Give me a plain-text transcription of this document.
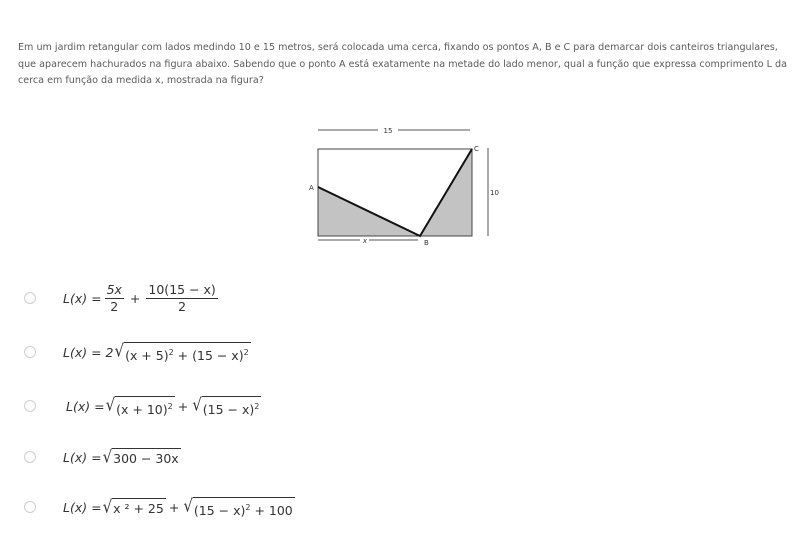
Em um jardim retangular com lados medindo 10 e 15 metros, será colocada uma cerca, fixando os pontos A, B e C para demarcar dois canteiros triangulares, que aparecem hachurados na figura abaixo. Sabendo que o ponto A está exatamente na metade do lado menor, qual a função que expressa comprimento L da cerca em função da medida x, mostrada na figura?

15
10
x
A
B
C
$L(x) = \frac{5x}{2} + \frac{10(15 - x)}{2}$
L(x) = 2 √ $(x + 5)^2 + (15 - x)^2$
L(x) = √ $(x + 10)^2$ + √ $(15 - x)^2$
L(x) = √ 300 − 30x
L(x) = √ x ² + 25 + √ $(15 - x)^2 + 100$
